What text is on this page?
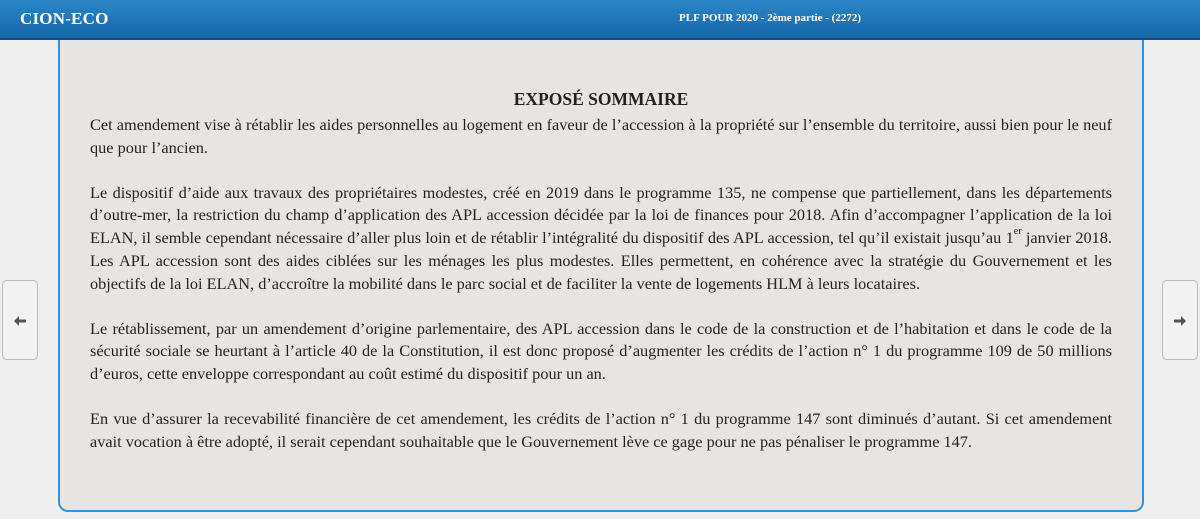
CION-ECO	PLF POUR 2020 - 2ème partie - (2272)
EXPOSÉ SOMMAIRE

Cet amendement vise à rétablir les aides personnelles au logement en faveur de l’accession à la propriété sur l’ensemble du territoire, aussi bien pour le neuf que pour l’ancien.

Le dispositif d’aide aux travaux des propriétaires modestes, créé en 2019 dans le programme 135, ne compense que partiellement, dans les départements d’outre-mer, la restriction du champ d’application des APL accession décidée par la loi de finances pour 2018. Afin d’accompagner l’application de la loi ELAN, il semble cependant nécessaire d’aller plus loin et de rétablir l’intégralité du dispositif des APL accession, tel qu’il existait jusqu’au 1er janvier 2018. Les APL accession sont des aides ciblées sur les ménages les plus modestes. Elles permettent, en cohérence avec la stratégie du Gouvernement et les objectifs de la loi ELAN, d’accroître la mobilité dans le parc social et de faciliter la vente de logements HLM à leurs locataires.

Le rétablissement, par un amendement d’origine parlementaire, des APL accession dans le code de la construction et de l’habitation et dans le code de la sécurité sociale se heurtant à l’article 40 de la Constitution, il est donc proposé d’augmenter les crédits de l’action n° 1 du programme 109 de 50 millions d’euros, cette enveloppe correspondant au coût estimé du dispositif pour un an.

En vue d’assurer la recevabilité financière de cet amendement, les crédits de l’action n° 1 du programme 147 sont diminués d’autant. Si cet amendement avait vocation à être adopté, il serait cependant souhaitable que le Gouvernement lève ce gage pour ne pas pénaliser le programme 147.
